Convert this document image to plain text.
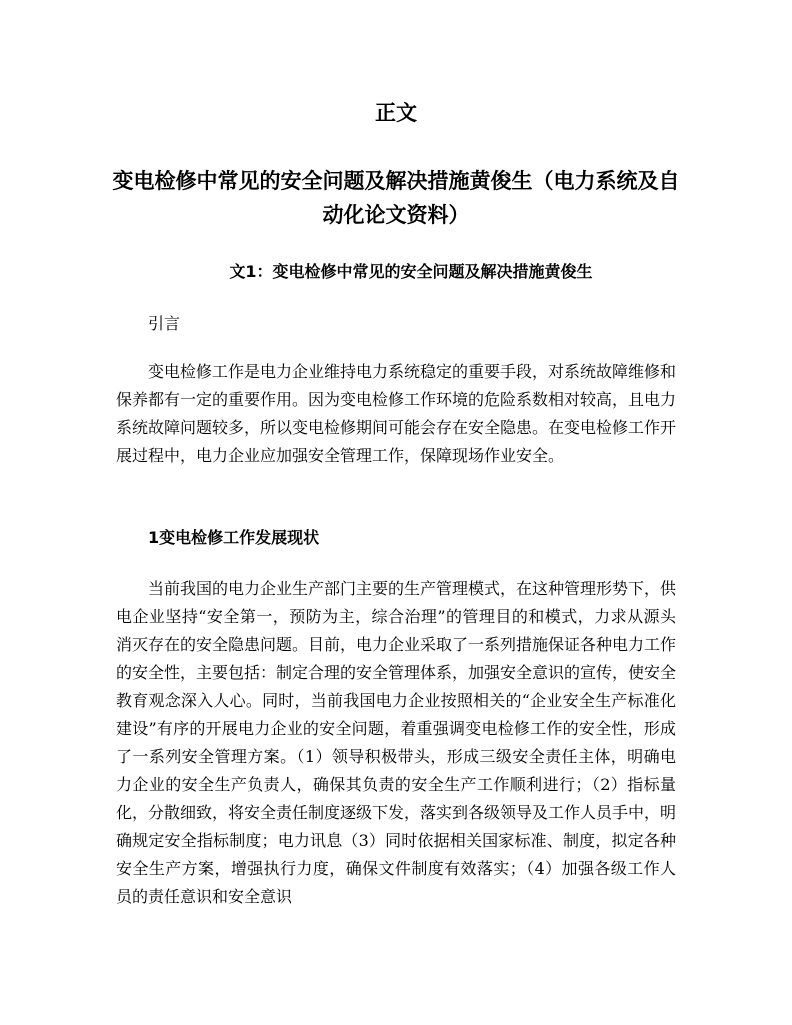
正文
变电检修中常见的安全问题及解决措施黄俊生（电力系统及自动化论文资料）
文1：变电检修中常见的安全问题及解决措施黄俊生
引言
变电检修工作是电力企业维持电力系统稳定的重要手段，对系统故障维修和保养都有一定的重要作用。因为变电检修工作环境的危险系数相对较高，且电力系统故障问题较多，所以变电检修期间可能会存在安全隐患。在变电检修工作开展过程中，电力企业应加强安全管理工作，保障现场作业安全。
1变电检修工作发展现状
当前我国的电力企业生产部门主要的生产管理模式，在这种管理形势下，供电企业坚持“安全第一，预防为主，综合治理”的管理目的和模式，力求从源头消灭存在的安全隐患问题。目前，电力企业采取了一系列措施保证各种电力工作的安全性，主要包括：制定合理的安全管理体系，加强安全意识的宣传，使安全教育观念深入人心。同时，当前我国电力企业按照相关的“企业安全生产标准化建设”有序的开展电力企业的安全问题，着重强调变电检修工作的安全性，形成了一系列安全管理方案。（1）领导积极带头，形成三级安全责任主体，明确电力企业的安全生产负责人，确保其负责的安全生产工作顺利进行；（2）指标量化，分散细致，将安全责任制度逐级下发，落实到各级领导及工作人员手中，明确规定安全指标制度；电力讯息（3）同时依据相关国家标准、制度，拟定各种安全生产方案，增强执行力度，确保文件制度有效落实；（4）加强各级工作人员的责任意识和安全意识
